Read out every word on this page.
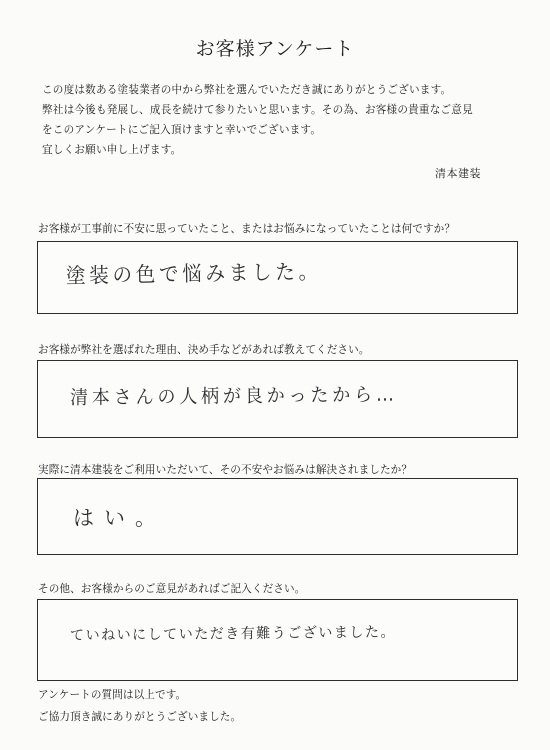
お客様アンケート

この度は数ある塗装業者の中から弊社を選んでいただき誠にありがとうございます。

弊社は今後も発展し、成長を続けて参りたいと思います。その為、お客様の貴重なご意見

をこのアンケートにご記入頂けますと幸いでございます。

宜しくお願い申し上げます。

清本建装
お客様が工事前に不安に思っていたこと、またはお悩みになっていたことは何ですか？
塗装の色で悩みました。
お客様が弊社を選ばれた理由、決め手などがあれば教えてください。
清本さんの人柄が良かったから…
実際に清本建装をご利用いただいて、その不安やお悩みは解決されましたか？
はい。
その他、お客様からのご意見があればご記入ください。
ていねいにしていただき有難うございました。
アンケートの質問は以上です。
ご協力頂き誠にありがとうございました。
